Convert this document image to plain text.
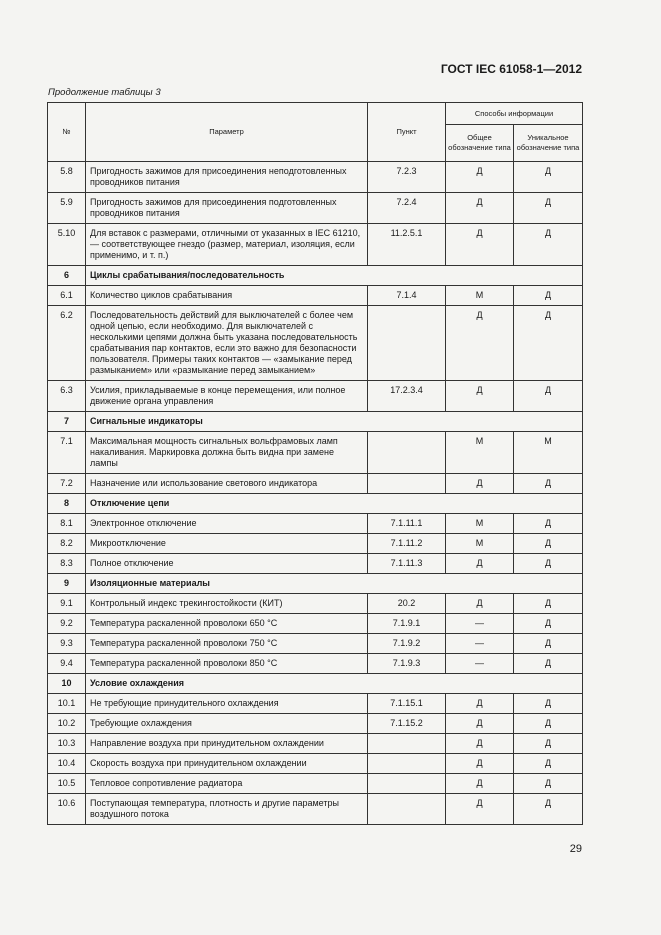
ГОСТ IEC 61058-1—2012
Продолжение таблицы 3
№	Параметр	Пункт	Способы информации	
			Общее обозначение типа	Уникальное обозначение типа
5.8	Пригодность зажимов для присоединения неподготовленных проводников питания	7.2.3	Д	Д
5.9	Пригодность зажимов для присоединения подготовленных проводников питания	7.2.4	Д	Д
5.10	Для вставок с размерами, отличными от указанных в IEC 61210, — соответствующее гнездо (размер, материал, изоляция, если применимо, и т. п.)	11.2.5.1	Д	Д
6	Циклы срабатывания/последовательность			
6.1	Количество циклов срабатывания	7.1.4	М	Д
6.2	Последовательность действий для выключателей с более чем одной цепью, если необходимо. Для выключателей с несколькими цепями должна быть указана последовательность срабатывания пар контактов, если это важно для безопасности пользователя. Примеры таких контактов — «замыкание перед размыканием» или «размыкание перед замыканием»		Д	Д
6.3	Усилия, прикладываемые в конце перемещения, или полное движение органа управления	17.2.3.4	Д	Д
7	Сигнальные индикаторы			
7.1	Максимальная мощность сигнальных вольфрамовых ламп накаливания. Маркировка должна быть видна при замене лампы		М	М
7.2	Назначение или использование светового индикатора		Д	Д
8	Отключение цепи			
8.1	Электронное отключение	7.1.11.1	М	Д
8.2	Микроотключение	7.1.11.2	М	Д
8.3	Полное отключение	7.1.11.3	Д	Д
9	Изоляционные материалы			
9.1	Контрольный индекс трекингостойкости (КИТ)	20.2	Д	Д
9.2	Температура раскаленной проволоки 650 °С	7.1.9.1	—	Д
9.3	Температура раскаленной проволоки 750 °С	7.1.9.2	—	Д
9.4	Температура раскаленной проволоки 850 °С	7.1.9.3	—	Д
10	Условие охлаждения			
10.1	Не требующие принудительного охлаждения	7.1.15.1	Д	Д
10.2	Требующие охлаждения	7.1.15.2	Д	Д
10.3	Направление воздуха при принудительном охлаждении		Д	Д
10.4	Скорость воздуха при принудительном охлаждении		Д	Д
10.5	Тепловое сопротивление радиатора		Д	Д
10.6	Поступающая температура, плотность и другие параметры воздушного потока		Д	Д
29
